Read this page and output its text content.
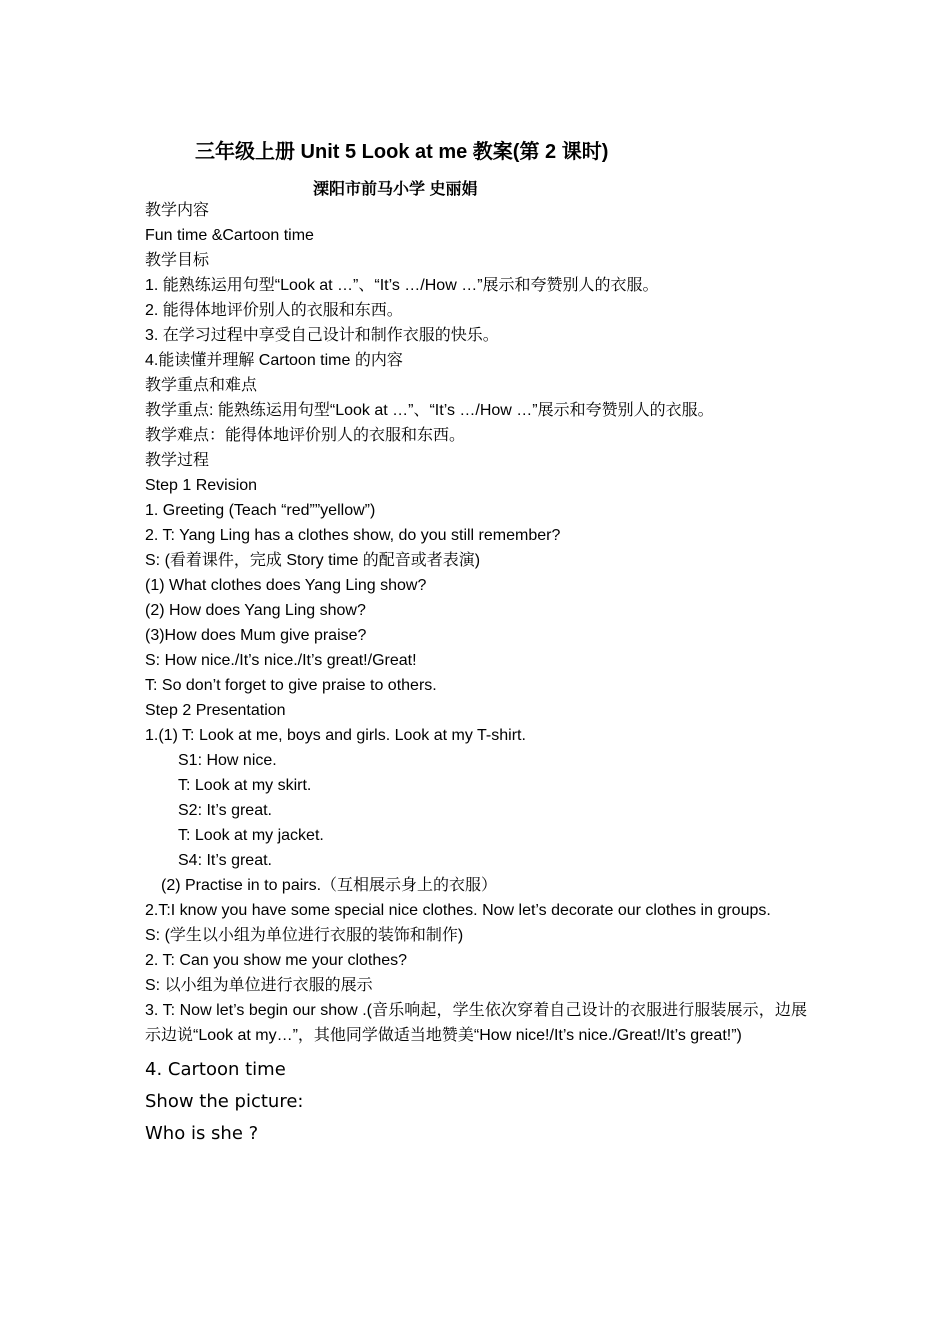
三年级上册 Unit 5 Look at me 教案(第 2 课时)
溧阳市前马小学 史丽娟
教学内容
Fun time &Cartoon time
教学目标
1. 能熟练运用句型“Look at …”、“It’s …/How …”展示和夸赞别人的衣服。
2. 能得体地评价别人的衣服和东西。
3. 在学习过程中享受自己设计和制作衣服的快乐。
4.能读懂并理解 Cartoon time 的内容
教学重点和难点
教学重点: 能熟练运用句型“Look at …”、“It’s …/How …”展示和夸赞别人的衣服。
教学难点：能得体地评价别人的衣服和东西。
教学过程
Step 1 Revision
1. Greeting (Teach “red””yellow”)
2. T: Yang Ling has a clothes show, do you still remember?
S: (看着课件，完成 Story time 的配音或者表演)
(1) What clothes does Yang Ling show?
(2) How does Yang Ling show?
(3)How does Mum give praise?
S: How nice./It’s nice./It’s great!/Great!
T: So don’t forget to give praise to others.
Step 2 Presentation
1.(1) T: Look at me, boys and girls. Look at my T-shirt.
S1: How nice.
T: Look at my skirt.
S2: It’s great.
T: Look at my jacket.
S4: It’s great.
(2) Practise in to pairs.（互相展示身上的衣服）
2.T:I know you have some special nice clothes. Now let’s decorate our clothes in groups.
S: (学生以小组为单位进行衣服的装饰和制作)
2. T: Can you show me your clothes?
S: 以小组为单位进行衣服的展示
3. T: Now let’s begin our show .(音乐响起，学生依次穿着自己设计的衣服进行服装展示，边展示边说“Look at my…”，其他同学做适当地赞美“How nice!/It’s nice./Great!/It’s great!”)
4. Cartoon time
Show the picture:
Who is she ?
